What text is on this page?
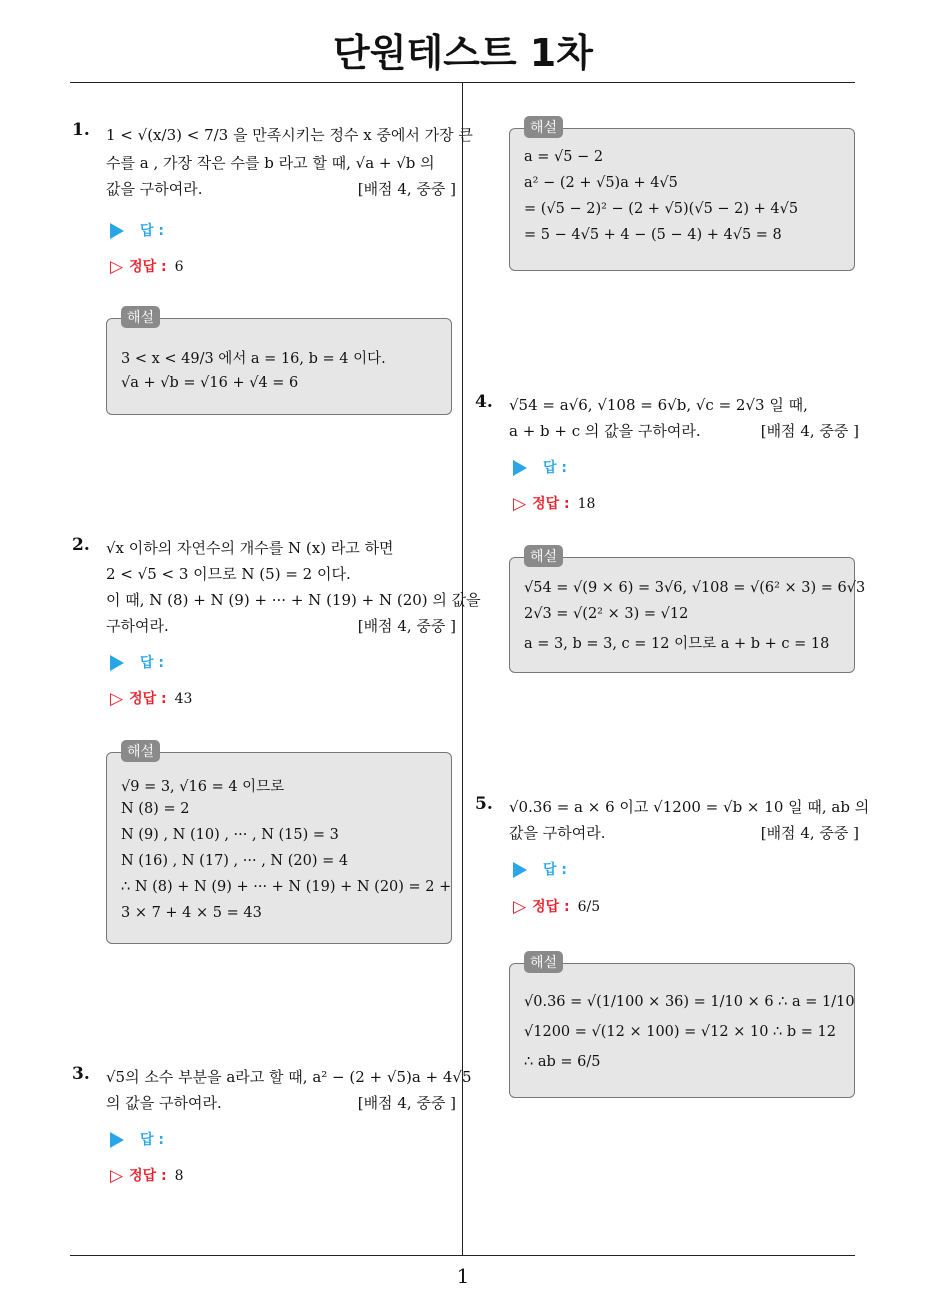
단원테스트 1차
1
1. 1 < √(x/3) < 7/3 을 만족시키는 정수 x 중에서 가장 큰
수를 a , 가장 작은 수를 b 라고 할 때, √a + √b 의
값을 구하여라.	[배점 4, 중중 ]
답 :
▷ 정답 : 6
해설
3 < x < 49/3 에서 a = 16, b = 4 이다.
√a + √b = √16 + √4 = 6
2. √x 이하의 자연수의 개수를 N (x) 라고 하면
2 < √5 < 3 이므로 N (5) = 2 이다.
이 때, N (8) + N (9) + ··· + N (19) + N (20) 의 값을
구하여라.	[배점 4, 중중 ]
답 :
▷ 정답 : 43
해설
√9 = 3, √16 = 4 이므로
N (8) = 2
N (9) , N (10) , ··· , N (15) = 3
N (16) , N (17) , ··· , N (20) = 4
∴ N (8) + N (9) + ··· + N (19) + N (20) = 2 +
3 × 7 + 4 × 5 = 43
3. √5의 소수 부분을 a라고 할 때, a² − (2 + √5)a + 4√5
의 값을 구하여라.	[배점 4, 중중 ]
답 :
▷ 정답 : 8
해설
a = √5 − 2
a² − (2 + √5)a + 4√5
= (√5 − 2)² − (2 + √5)(√5 − 2) + 4√5
= 5 − 4√5 + 4 − (5 − 4) + 4√5 = 8
4. √54 = a√6, √108 = 6√b, √c = 2√3 일 때,
a + b + c 의 값을 구하여라.	[배점 4, 중중 ]
답 :
▷ 정답 : 18
해설
√54 = √(9 × 6) = 3√6, √108 = √(6² × 3) = 6√3
2√3 = √(2² × 3) = √12
a = 3, b = 3, c = 12 이므로 a + b + c = 18
5. √0.36 = a × 6 이고 √1200 = √b × 10 일 때, ab 의
값을 구하여라.	[배점 4, 중중 ]
답 :
▷ 정답 : 6/5
해설
√0.36 = √(1/100 × 36) = 1/10 × 6 ∴ a = 1/10
√1200 = √(12 × 100) = √12 × 10 ∴ b = 12
∴ ab = 6/5
